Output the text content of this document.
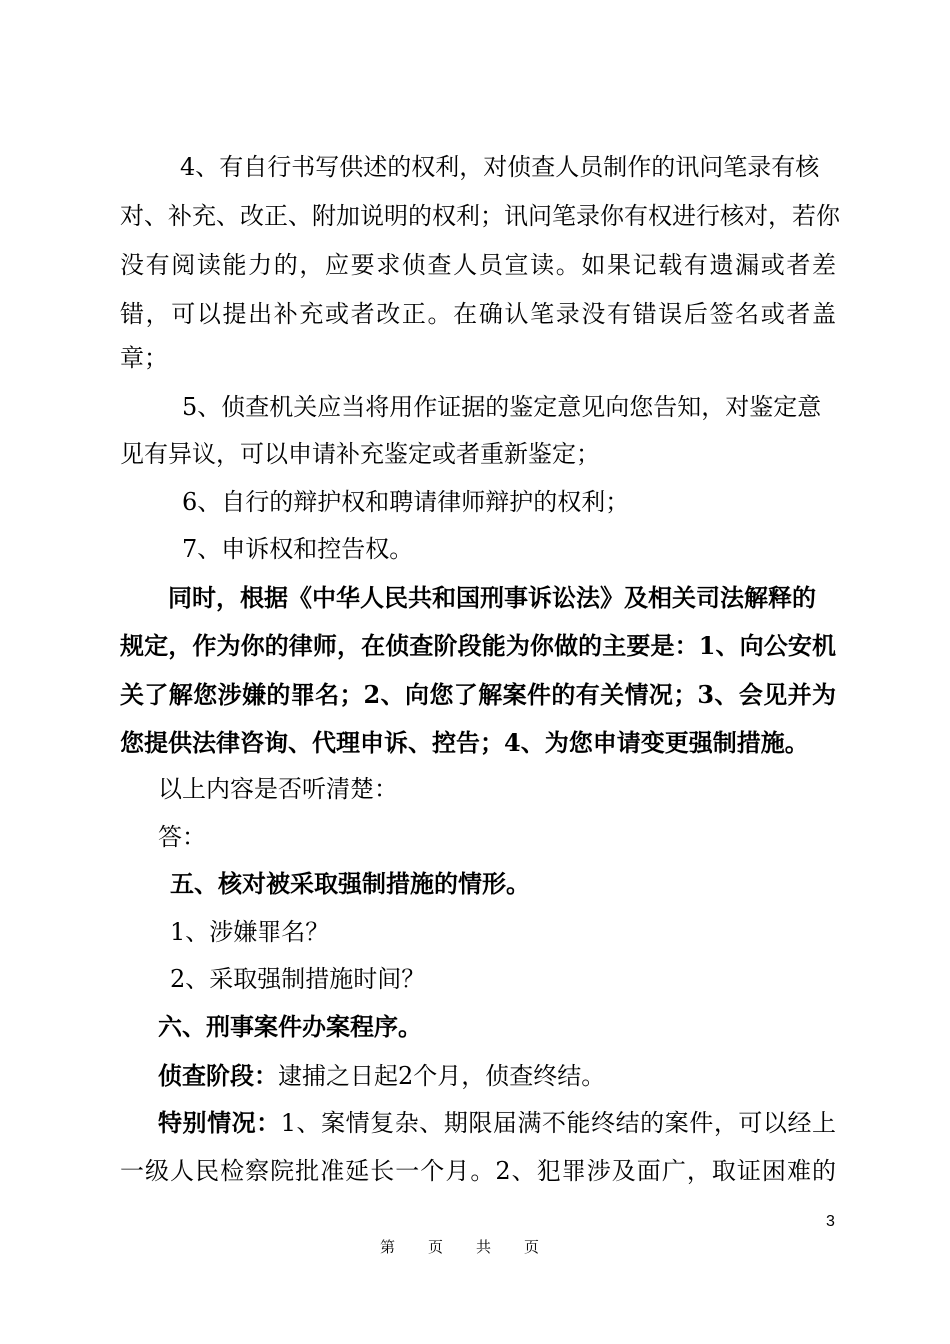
4、有自行书写供述的权利，对侦查人员制作的讯问笔录有核
对、补充、改正、附加说明的权利；讯问笔录你有权进行核对，若你
没有阅读能力的，应要求侦查人员宣读。如果记载有遗漏或者差
错，可以提出补充或者改正。在确认笔录没有错误后签名或者盖
章；
5、侦查机关应当将用作证据的鉴定意见向您告知，对鉴定意
见有异议，可以申请补充鉴定或者重新鉴定；
6、自行的辩护权和聘请律师辩护的权利；
7、申诉权和控告权。
同时，根据《中华人民共和国刑事诉讼法》及相关司法解释的
规定，作为你的律师，在侦查阶段能为你做的主要是：1、向公安机
关了解您涉嫌的罪名；2、向您了解案件的有关情况；3、会见并为
您提供法律咨询、代理申诉、控告；4、为您申请变更强制措施。
以上内容是否听清楚：
答：
五、核对被采取强制措施的情形。
1、涉嫌罪名？
2、采取强制措施时间？
六、刑事案件办案程序。
侦查阶段：逮捕之日起2个月，侦查终结。
特别情况：1、案情复杂、期限届满不能终结的案件，可以经上
一级人民检察院批准延长一个月。2、犯罪涉及面广，取证困难的
3
第 页 共 页
